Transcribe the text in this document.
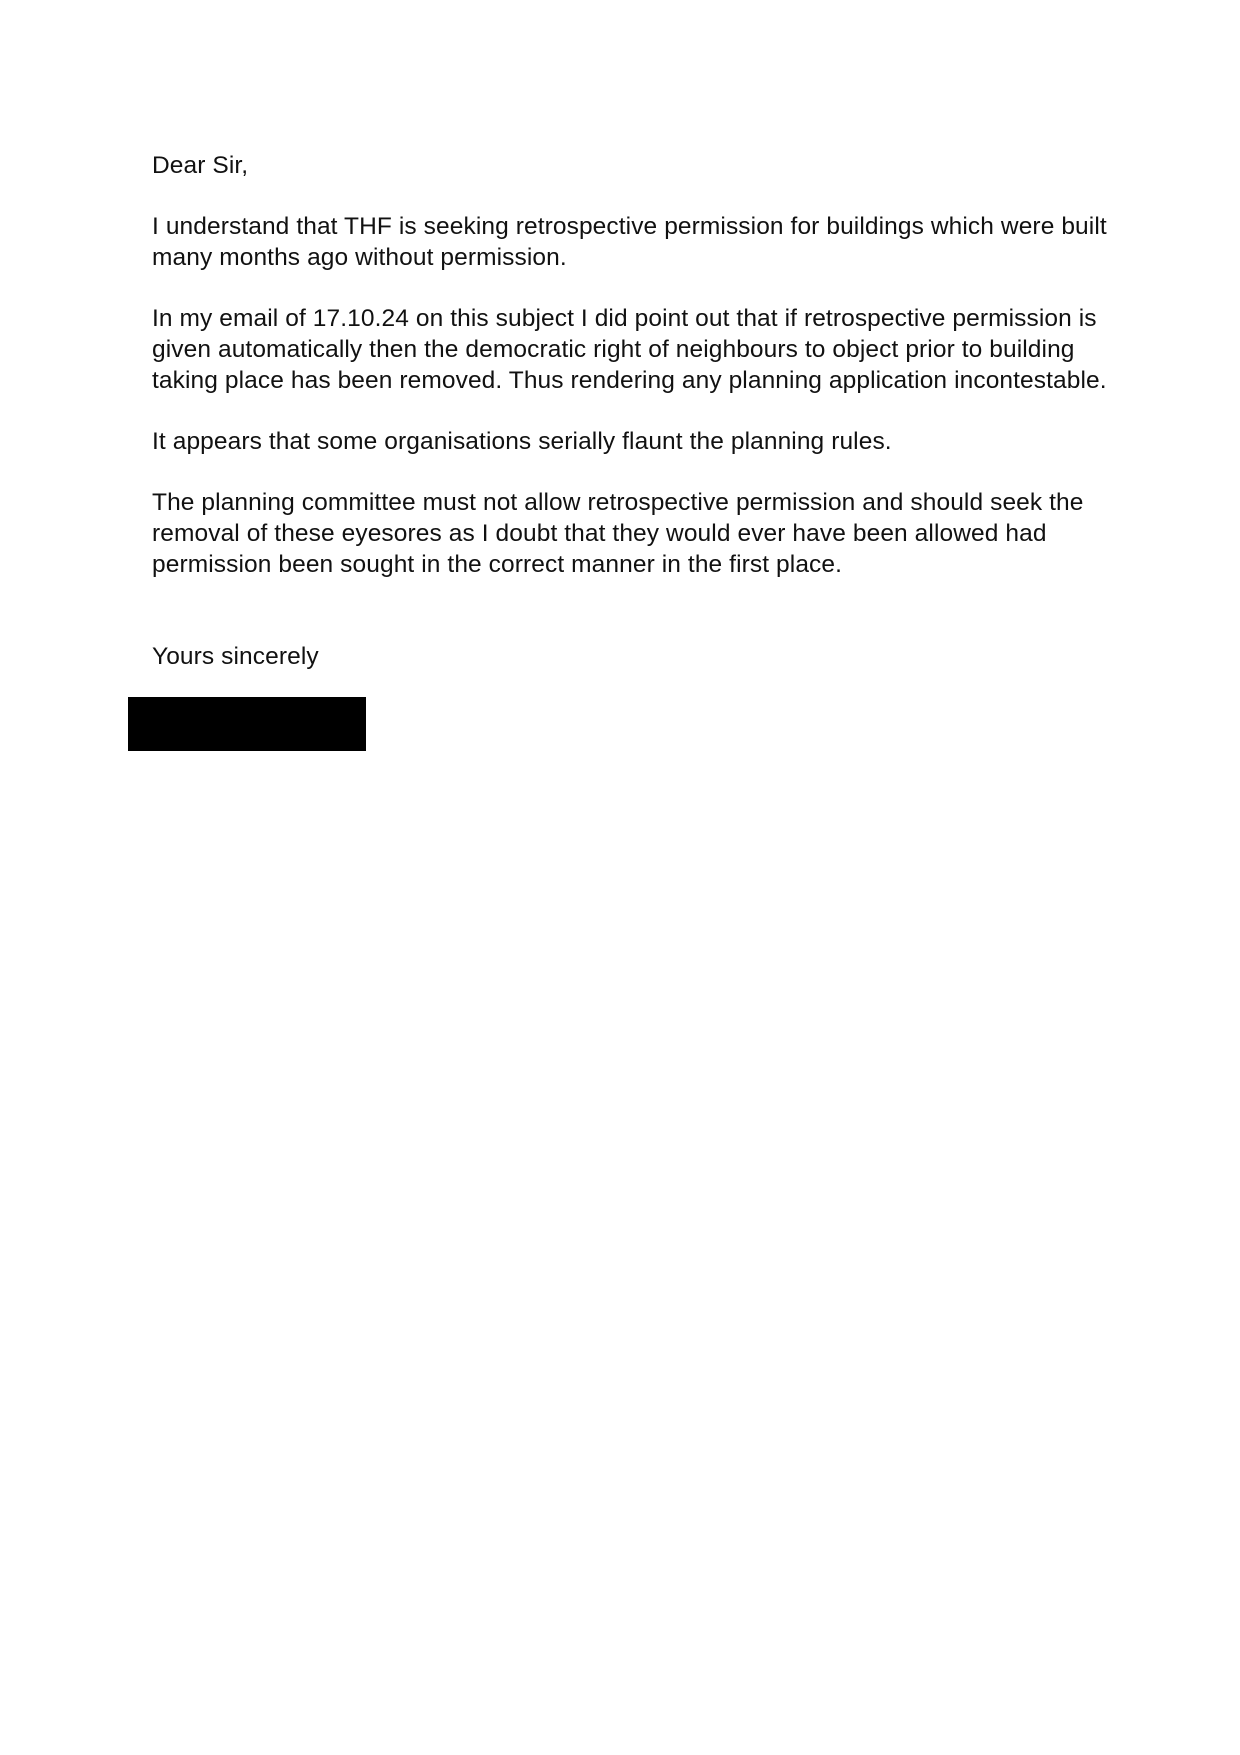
Dear Sir,

I understand that THF is seeking retrospective permission for buildings which were built
many months ago without permission.

In my email of 17.10.24 on this subject I did point out that if retrospective permission is
given automatically then the democratic right of neighbours to object prior to building
taking place has been removed. Thus rendering any planning application incontestable.

It appears that some organisations serially flaunt the planning rules.

The planning committee must not allow retrospective permission and should seek the
removal of these eyesores as I doubt that they would ever have been allowed had
permission been sought in the correct manner in the first place.

Yours sincerely
